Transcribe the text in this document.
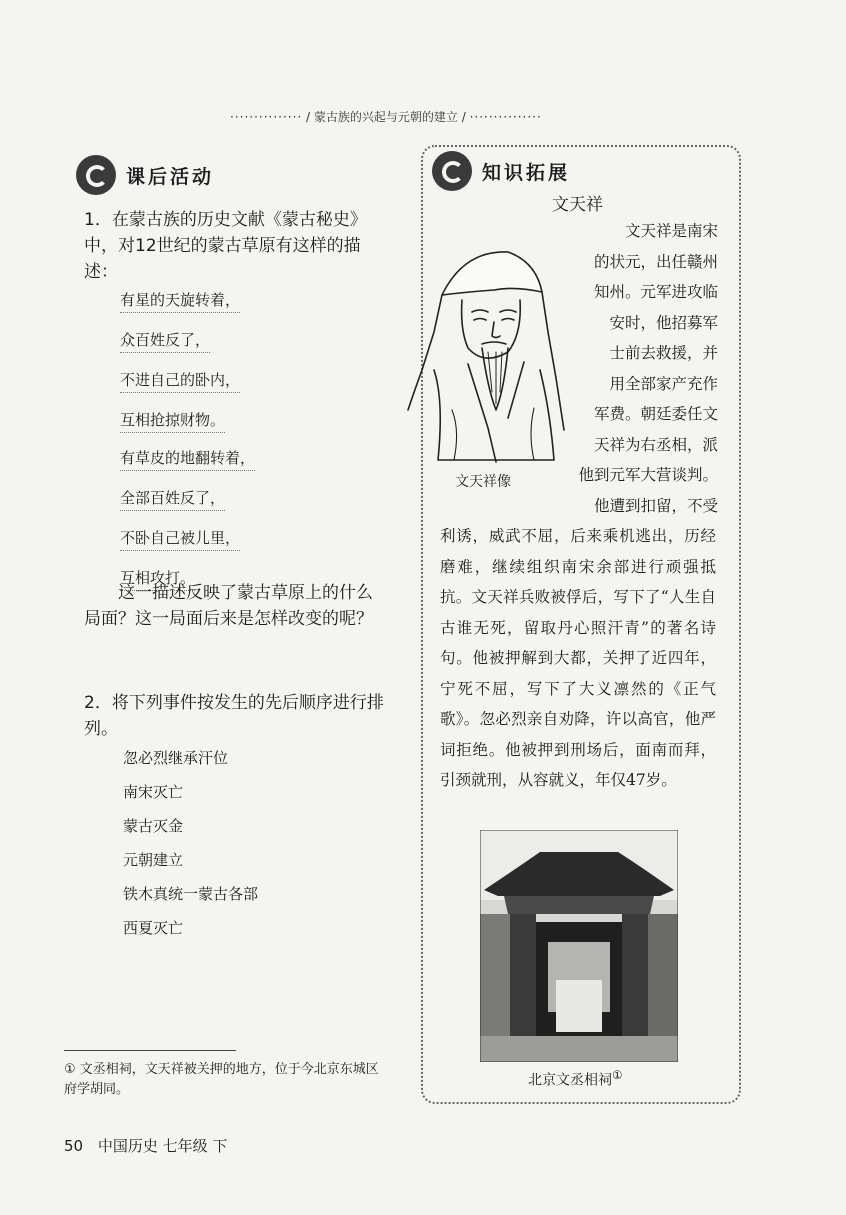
··············· / 蒙古族的兴起与元朝的建立 / ···············
课后活动
1．在蒙古族的历史文献《蒙古秘史》中，对12世纪的蒙古草原有这样的描述：
有星的天旋转着，
众百姓反了，
不进自己的卧内，
互相抢掠财物。
有草皮的地翻转着，
全部百姓反了，
不卧自己被儿里，
互相攻打。
这一描述反映了蒙古草原上的什么局面？这一局面后来是怎样改变的呢？
2．将下列事件按发生的先后顺序进行排列。
忽必烈继承汗位
南宋灭亡
蒙古灭金
元朝建立
铁木真统一蒙古各部
西夏灭亡
① 文丞相祠，文天祥被关押的地方，位于今北京东城区府学胡同。
知识拓展
文天祥
文天祥像
文天祥是南宋
的状元，出任赣州
知州。元军进攻临
安时，他招募军
士前去救援，并
用全部家产充作
军费。朝廷委任文
天祥为右丞相，派
他到元军大营谈判。
他遭到扣留，不受
利诱，威武不屈，后来乘机逃出，历经磨难，继续组织南宋余部进行顽强抵抗。文天祥兵败被俘后，写下了“人生自古谁无死，留取丹心照汗青”的著名诗句。他被押解到大都，关押了近四年，宁死不屈，写下了大义凛然的《正气歌》。忽必烈亲自劝降，许以高官，他严词拒绝。他被押到刑场后，面南而拜，引颈就刑，从容就义，年仅47岁。
北京文丞相祠①
50 中国历史 七年级 下
